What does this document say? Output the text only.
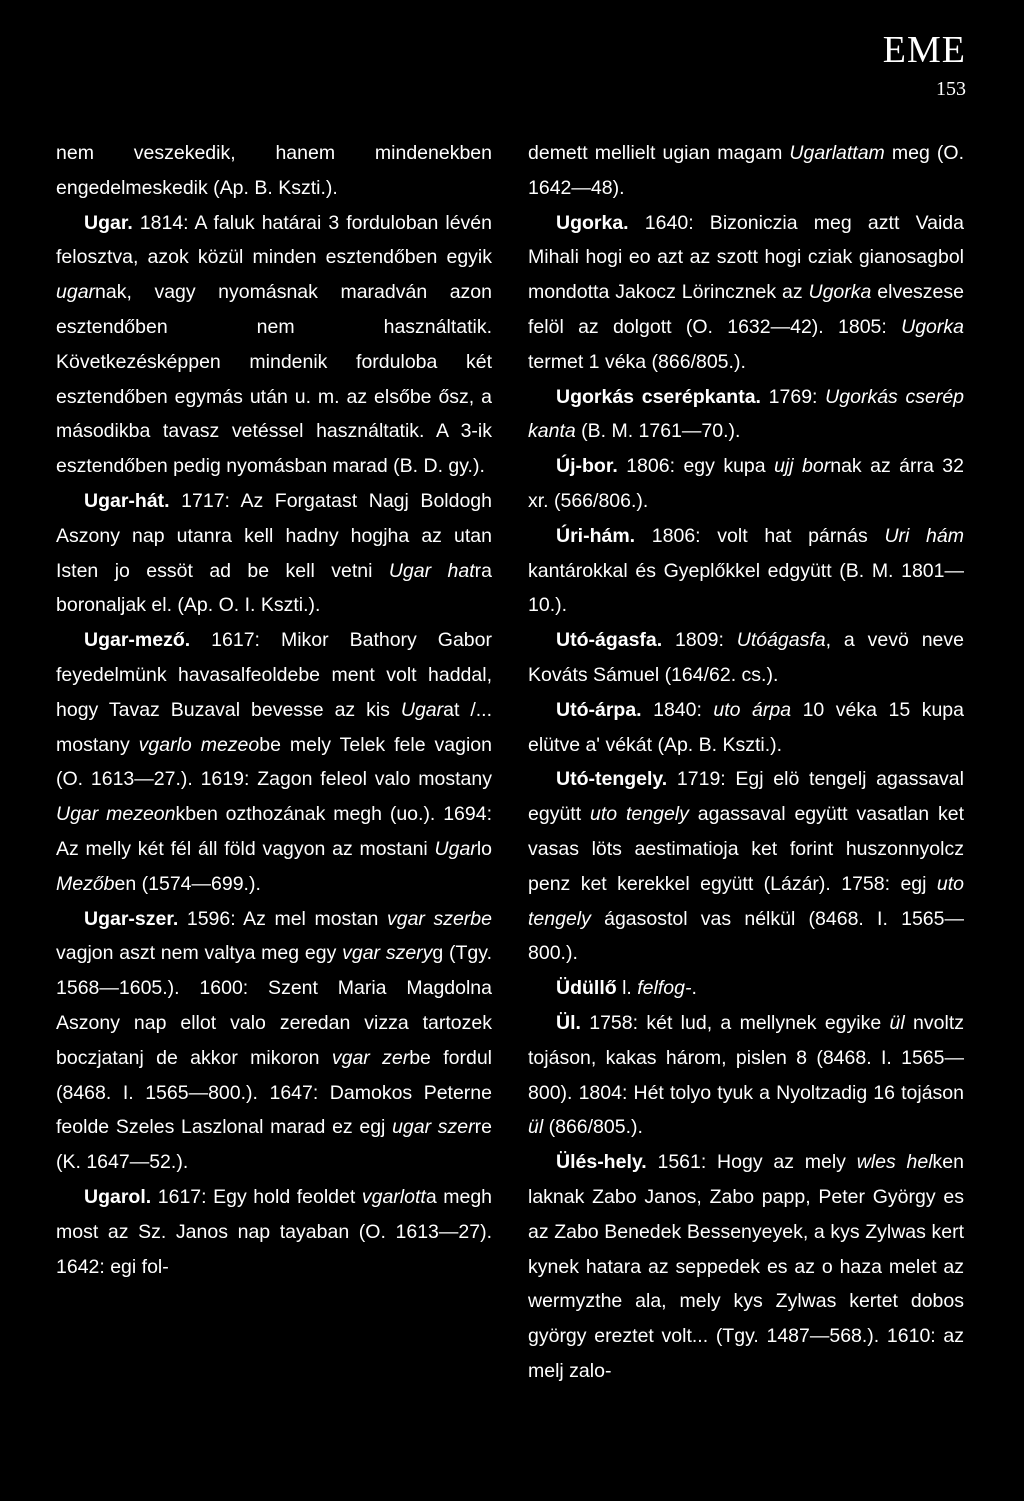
EME
153

nem veszekedik, hanem mindenekben engedelmeskedik (Ap. B. Kszti.).

Ugar. 1814: A faluk határai 3 forduloban lévén felosztva, azok közül minden esztendőben egyik ugarnak, vagy nyomásnak maradván azon esztendőben nem használtatik. Következésképpen mindenik forduloba két esztendőben egymás után u. m. az elsőbe ősz, a másodikba tavasz vetéssel használtatik. A 3-ik esztendőben pedig nyomásban marad (B. D. gy.).

Ugar-hát. 1717: Az Forgatast Nagj Boldogh Aszony nap utanra kell hadny hogjha az utan Isten jo essöt ad be kell vetni Ugar hatra boronaljak el. (Ap. O. I. Kszti.).

Ugar-mező. 1617: Mikor Bathory Gabor feyedelmünk havasalfeoldebe ment volt haddal, hogy Tavaz Buzaval bevesse az kis Ugarat /... mostany vgarlo mezeobe mely Telek fele vagion (O. 1613—27.). 1619: Zagon feleol valo mostany Ugar mezeonkben ozthozának megh (uo.). 1694: Az melly két fél áll föld vagyon az mostani Ugarlo Mezőben (1574—699.).

Ugar-szer. 1596: Az mel mostan vgar szerbe vagjon aszt nem valtya meg egy vgar szeryg (Tgy. 1568—1605.). 1600: Szent Maria Magdolna Aszony nap ellot valo zeredan vizza tartozek boczjatanj de akkor mikoron vgar zerbe fordul (8468. I. 1565—800.). 1647: Damokos Peterne feolde Szeles Laszlonal marad ez egj ugar szerre (K. 1647—52.).

Ugarol. 1617: Egy hold feoldet vgarlotta megh most az Sz. Janos nap tayaban (O. 1613—27). 1642: egi fol-

demett mellielt ugian magam Ugarlattam meg (O. 1642—48).

Ugorka. 1640: Bizoniczia meg aztt Vaida Mihali hogi eo azt az szott hogi cziak gianosagbol mondotta Jakocz Lörincznek az Ugorka elveszese felöl az dolgott (O. 1632—42). 1805: Ugorka termet 1 véka (866/805.).

Ugorkás cserépkanta. 1769: Ugorkás cserép kanta (B. M. 1761—70.).

Új-bor. 1806: egy kupa ujj bornak az árra 32 xr. (566/806.).

Úri-hám. 1806: volt hat párnás Uri hám kantárokkal és Gyeplőkkel edgyütt (B. M. 1801—10.).

Utó-ágasfa. 1809: Utóágasfa, a vevö neve Kováts Sámuel (164/62. cs.).

Utó-árpa. 1840: uto árpa 10 véka 15 kupa elütve a' vékát (Ap. B. Kszti.).

Utó-tengely. 1719: Egj elö tengelj agassaval együtt uto tengely agassaval együtt vasatlan ket vasas löts aestimatioja ket forint huszonnyolcz penz ket kerekkel együtt (Lázár). 1758: egj uto tengely ágasostol vas nélkül (8468. I. 1565—800.).

Üdüllő l. felfog-.

Ül. 1758: két lud, a mellynek egyike ül nvoltz tojáson, kakas három, pislen 8 (8468. I. 1565—800). 1804: Hét tolyo tyuk a Nyoltzadig 16 tojáson ül (866/805.).

Ülés-hely. 1561: Hogy az mely wles helken laknak Zabo Janos, Zabo papp, Peter György es az Zabo Benedek Bessenyeyek, a kys Zylwas kert kynek hatara az seppedek es az o haza melet az wermyzthe ala, mely kys Zylwas kertet dobos györgy ereztet volt... (Tgy. 1487—568.). 1610: az melj zalo-
